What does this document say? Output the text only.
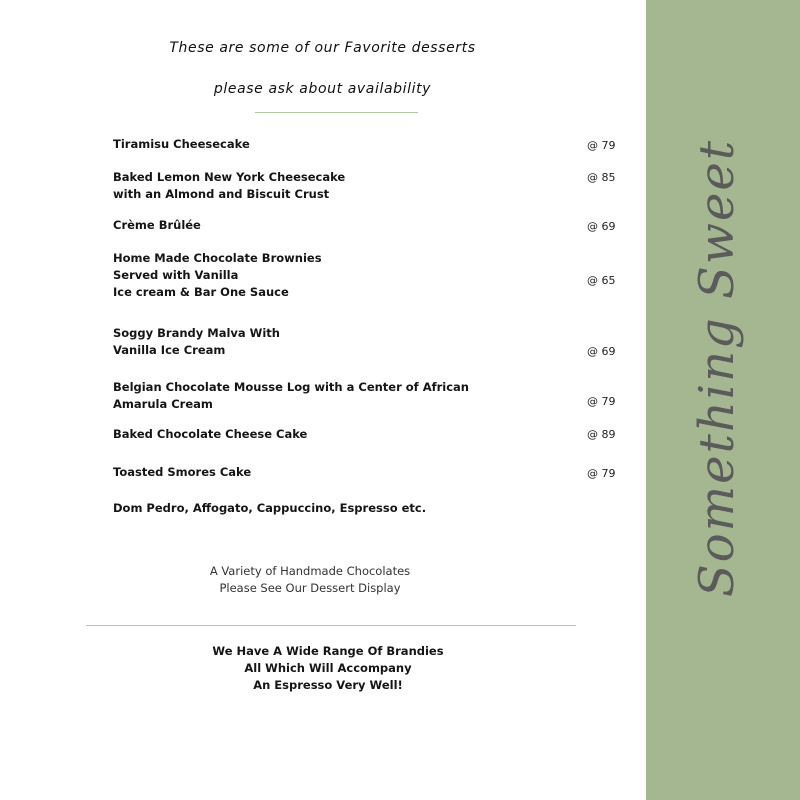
These are some of our Favorite desserts
please ask about availability
Tiramisu Cheesecake	@ 79
Baked Lemon New York Cheesecake
with an Almond and Biscuit Crust
@ 85
Crème Brûlée	@ 69
Home Made Chocolate Brownies
Served with Vanilla
Ice cream & Bar One Sauce
@ 65
Soggy Brandy Malva With
Vanilla Ice Cream	@ 69
Belgian Chocolate Mousse Log with a Center of African
Amarula Cream	@ 79
Baked Chocolate Cheese Cake	@ 89
Toasted Smores Cake	@ 79
Dom Pedro, Affogato, Cappuccino, Espresso etc.
A Variety of Handmade Chocolates
Please See Our Dessert Display
We Have A Wide Range Of Brandies
All Which Will Accompany
An Espresso Very Well!
Something Sweet
